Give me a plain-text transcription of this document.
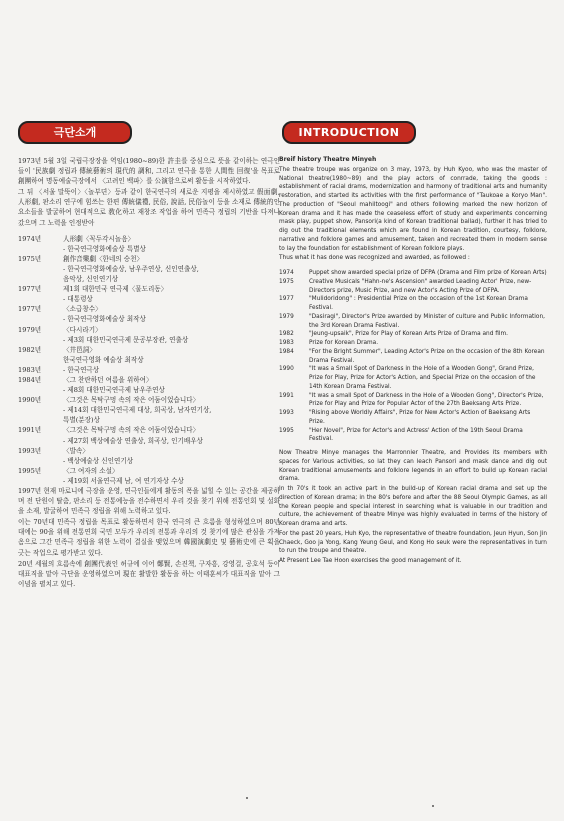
극단소개	INTRODUCTION

1973년 5월 3일 국립극장장을 역임(1980~89)한 許圭를 중심으로 뜻을 같이하는 연극인들이 '民族劇 정립과 傳統藝術의 現代的 調和, 그리고 연극을 통한 人間性 回復'을 목표로 創團하여 명동예술극장에서 〈고려인 백파〉를 公演함으로써 활동을 시작하였다.

그 뒤 〈서울 말뚝이〉〈놀부뎐〉등과 같이 한국연극의 새로운 지평을 제시하였고 假面劇, 人形劇, 판소리 연구에 힘쓰는 한편 傳統儀禮, 民俗, 說話, 民俗놀이 등을 소재로 傳統的인 요소들을 발굴하여 현대적으로 敎化하고 재창조 작업을 하여 민족극 정립의 기반을 다져나갔으며 그 노력을 인정받아

1974년	人形劇〈꼭두각시놀음〉
- 한국연극영화예술상 특별상
1975년	創作音樂劇〈한네의 승천〉
- 한국연극영화예술상, 남우주연상, 신인연출상,
음악상, 신인연기상
1977년	제1회 대한민국 연극제〈물도리동〉
- 대통령상
1977년	〈소급창수〉
- 한국연극영화예술상 최작상
1979년	〈다시라기〉
- 제3회 대한민국연극제 문공부장관, 연출상
1982년	〈井邑詞〉
한국연극영화 예술상 최작상
1983년	- 한국연극상
1984년	〈그 찬란하던 여름을 위하여〉
- 제8회 대한민국연극제 남우주연상
1990년	〈그것은 목탁구멍 속의 작은 어둠이었습니다〉
- 제14회 대한민국연극제 대상, 희곡상, 남자연기상,
특별(분장)상
1991년	〈그것은 목탁구멍 속의 작은 어둠이었습니다〉
- 제27회 백상예술상 연출상, 희곡상, 인기배우상
1993년	〈발속〉
- 백상예술상 신인연기상
1995년	〈그 여자의 소설〉
- 제19회 서울연극제 남, 여 연기자상 수상

1997년 현재 마로니에 극장을 운영, 연극인들에게 활동의 폭을 넓힐 수 있는 공간을 제공하며 전 단원이 탈춤, 판소리 등 전통예능을 전수하면서 우리 것을 찾기 위해 전통인회 및 설화을 소재, 발굴하여 민족극 정립을 위해 노력하고 있다.

이는 70년대 민족극 정립을 목표로 활동하면서 한국 연극의 큰 흐름을 형성하였으며 80년대에는 90을 위해 전통연희 국민 모두가 우리의 전통과 우리의 것 찾기에 많은 관심을 가져옴으로 그간 민족극 정립을 위한 노력이 결실을 맺었으며 韓國演劇史 및 藝術史에 큰 획을 긋는 작업으로 평가받고 있다.

20년 세월의 흐름속에 創團代表인 허규에 이어 鄭賢, 손진책, 구자흥, 강영걸, 공호석 등이 대표직을 맡아 극단을 운영하였으며 現在 활발한 활동을 하는 이태훈씨가 대표직을 맡아 그 이념을 펼치고 있다.

Breif history Theatre Minyeh

The theatre troupe was organize on 3 may, 1973, by Huh Kyoo, who was the master of National theatre(1980~89) and the play actors of conrrade, taking the goods : establishment of racial drams, modernization and harmony of traditional arts and humanity restoration, and started its activities with the first performance of "Taukoae a Koryo Man". The production of "Seoul mahiltoogi" and others following marked the new horizon of Korean drama and it has made the ceaseless effort of study and experiments concerning mask play, puppet show, Pansori(a kind of Korean traditional ballad), further it has tried to dig out the traditional elements which are found in Korean tradition, courtesy, folklore, narrative and folklore games and amusement, taken and recreated them in modern sense to lay the foundation for establishment of Korean folklore plays.

Thus what it has done was recognized and awarded, as followed :

1974	Puppet show awarded special prize of DFPA (Drama and Film prize of Korean Arts)
1975	Creative Musicals "Hahn-ne's Ascension" awarded Leading Actor' Prize, new-Directors prize, Music Prize, and new Actor's Acting Prize of DFPA.
1977	"Mulidoridong" : Presidential Prize on the occasion of the 1st Korean Drama Festival.
1979	"Dasiragi", Director's Prize awarded by Minister of culture and Public Information, the 3rd Korean Drama Festival.
1982	"Jeung-upsaik", Prize for Play of Korean Arts Prize of Drama and film.
1983	Prize for Korean Drama.
1984	"For the Bright Summer", Leading Actor's Prize on the occasion of the 8th Korean Drama Festival.
1990	"It was a Small Spot of Darkness in the Hole of a Wooden Gong", Grand Prize, Prize for Play, Prize for Actor's Action, and Special Prize on the occasion of the 14th Korean Drama Festival.
1991	"It was a small Spot of Darkness in the Hole of a Wooden Gong", Director's Prize, Prize for Play and Prize for Popular Actor of the 27th Baeksang Arts Prize.
1993	"Rising above Worldly Affairs", Prize for New Actor's Action of Baeksang Arts Prize.
1995	"Her Novel", Prize for Actor's and Actress' Action of the 19th Seoul Drama Festival.

Now Theatre Minye manages the Marronnier Theatre, and Provides its members with spaces for Various activities, so lat they can leach Pansori and mask dance and dig out Korean traditional amusements and folklore legends in an effort to build up Korean racial drama.

In th 70's it took an active part in the build-up of Korean racial drama and set up the direction of Korean drama; in the 80's before and after the 88 Seoul Olympic Games, as all the Korean people and special interest in searching what is valuable in our tradition and culture, the achievement of theatre Minye was highly evaluated in terms of the history of Korean drama and arts.

For the past 20 years, Huh Kyo, the representative of theatre foundation, Jeun Hyun, Son Jin Chaeck, Goo ja Yong, Kang Yeung Geul, and Kong Ho seuk were the representatives in turn to run the troupe and theatre.

At Present Lee Tae Hoon exercises the good management of it.
